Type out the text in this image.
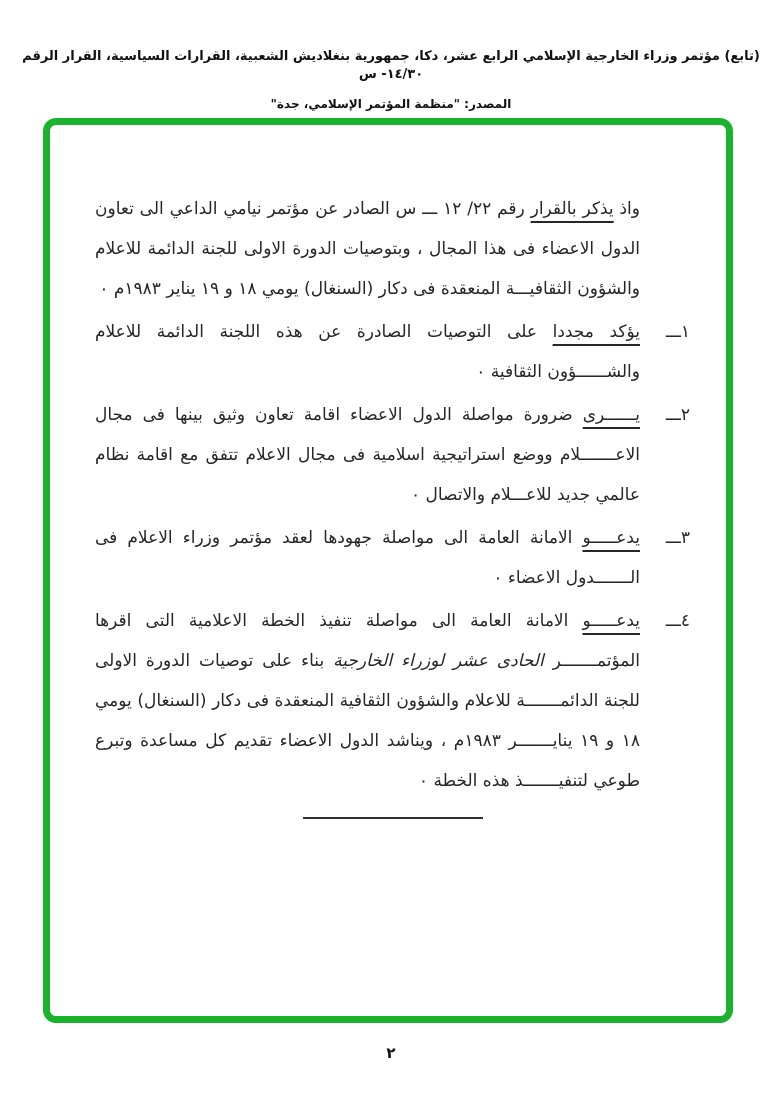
(تابع) مؤتمر وزراء الخارجية الإسلامي الرابع عشر، دكا، جمهورية بنغلاديش الشعبية، القرارات السياسية، القرار الرقم ١٤/٣٠- س
المصدر: "منظمة المؤتمر الإسلامي، جدة"

واذ يذكر بالقرار رقم ٢٢/ ١٢ ـــ س الصادر عن مؤتمر نيامي الداعي الى تعاون الدول الاعضاء فى هذا المجال ، وبتوصيات الدورة الاولى للجنة الدائمة للاعلام والشؤون الثقافيـــة المنعقدة فى دكار (السنغال) يومي ١٨ و ١٩ يناير ١٩٨٣م ٠

١ـــ
يؤكد مجددا على التوصيات الصادرة عن هذه اللجنة الدائمة للاعلام والشــــــؤون الثقافية ٠
٢ـــ
يــــــرى ضرورة مواصلة الدول الاعضاء اقامة تعاون وثيق بينها فى مجال الاعـــــــلام ووضع استراتيجية اسلامية فى مجال الاعلام تتفق مع اقامة نظام عالمي جديد للاعـــلام والاتصال ٠
٣ـــ
يدعـــــو الامانة العامة الى مواصلة جهودها لعقد مؤتمر وزراء الاعلام فى الـــــــدول الاعضاء ٠
٤ـــ
يدعـــــو الامانة العامة الى مواصلة تنفيذ الخطة الاعلامية التى اقرها المؤتمـــــــر الحادى عشر لوزراء الخارجية بناء على توصيات الدورة الاولى للجنة الدائمـــــــة للاعلام والشؤون الثقافية المنعقدة فى دكار (السنغال) يومي ١٨ و ١٩ ينايـــــــر ١٩٨٣م ، ويناشد الدول الاعضاء تقديم كل مساعدة وتبرع طوعي لتنفيـــــــذ هذه الخطة ٠
٢
